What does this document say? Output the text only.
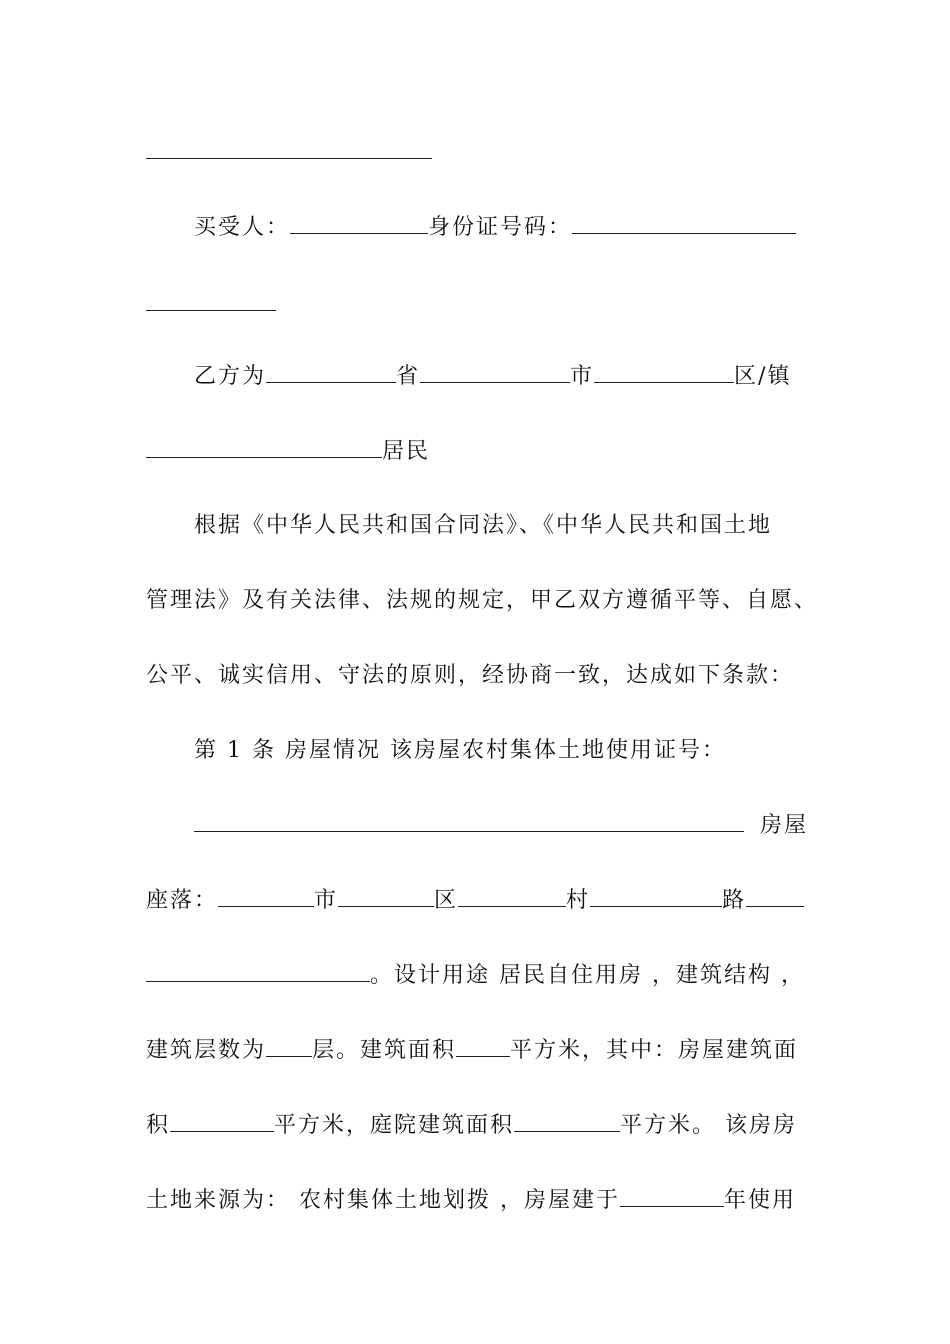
买受人：	身份证号码：
乙方为	省	市	区/镇
居民
根据《中华人民共和国合同法》、《中华人民共和国土地
管理法》及有关法律、法规的规定，甲乙双方遵循平等、自愿、
公平、诚实信用、守法的原则，经协商一致，达成如下条款：
第 1 条 房屋情况 该房屋农村集体土地使用证号：
房屋
座落：	市	区	村	路
。设计用途 居民自住用房 ，建筑结构 ，
建筑层数为 层。建筑面积 平方米，其中：房屋建筑面
积	平方米，庭院建筑面积	平方米。 该房房
土地来源为： 农村集体土地划拨 ，房屋建于	年使用
